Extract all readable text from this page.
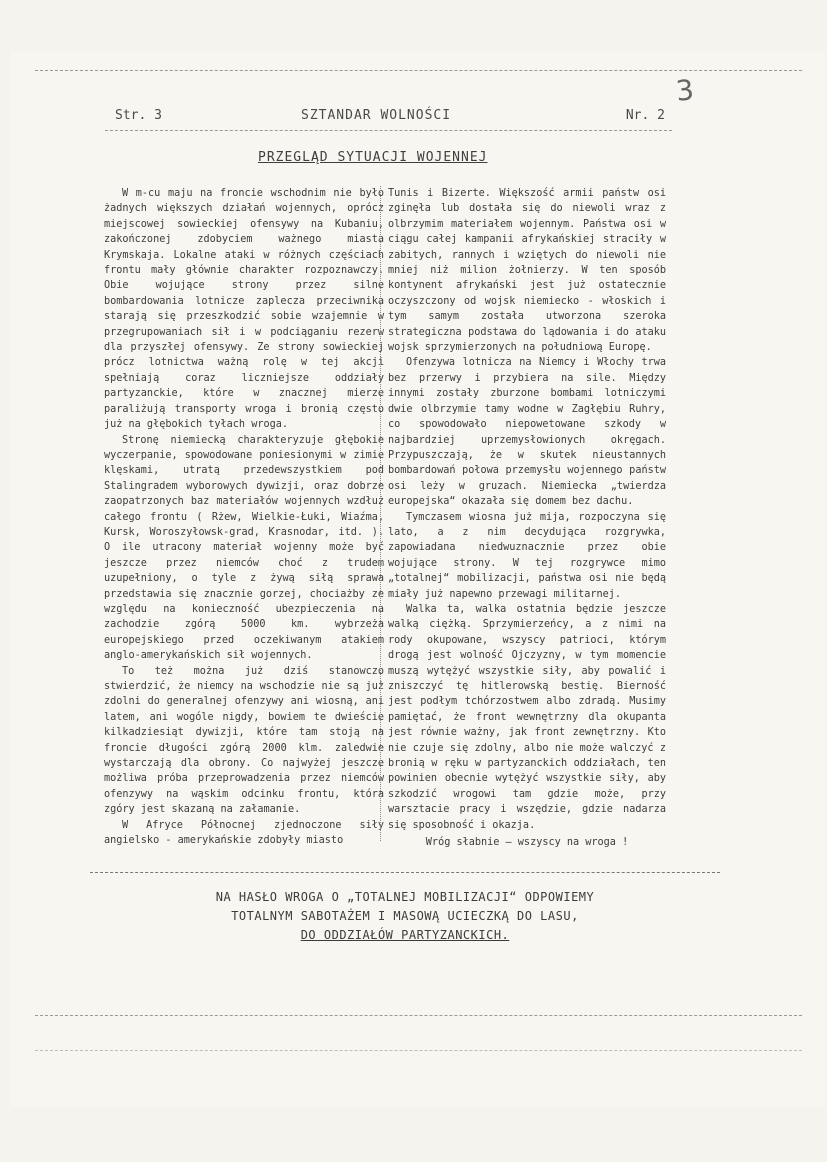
3
Str. 3	SZTANDAR WOLNOŚCI	Nr. 2
PRZEGLĄD SYTUACJI WOJENNEJ

W m-cu maju na froncie wschodnim nie było żadnych większych działań wojennych, oprócz miejscowej sowieckiej ofensywy na Kubaniu, zakończonej zdobyciem ważnego miasta Krymskaja. Lokalne ataki w różnych częściach frontu mały głównie charakter rozpoznawczy. Obie wojujące strony przez silne bombardowania lotnicze zaplecza przeciwnika starają się przeszkodzić sobie wzajemnie w przegrupowaniach sił i w podciąganiu rezerw dla przyszłej ofensywy. Ze strony sowieckiej prócz lotnictwa ważną rolę w tej akcji spełniają coraz liczniejsze oddziały partyzanckie, które w znacznej mierze paraliżują transporty wroga i bronią często już na głębokich tyłach wroga.

Stronę niemiecką charakteryzuje głębokie wyczerpanie, spowodowane poniesionymi w zimie klęskami, utratą przedewszystkiem pod Stalingradem wyborowych dywizji, oraz dobrze zaopatrzonych baz materiałów wojennych wzdłuż całego frontu ( Rżew, Wielkie-Łuki, Wiaźma, Kursk, Woroszyłowsk-grad, Krasnodar, itd. ). O ile utracony materiał wojenny może być jeszcze przez niemców choć z trudem uzupełniony, o tyle z żywą siłą sprawa przedstawia się znacznie gorzej, chociażby ze względu na konieczność ubezpieczenia na zachodzie zgórą 5000 km. wybrzeża europejskiego przed oczekiwanym atakiem anglo-amerykańskich sił wojennych.

To też można już dziś stanowczo stwierdzić, że niemcy na wschodzie nie są już zdolni do generalnej ofenzywy ani wiosną, ani latem, ani wogóle nigdy, bowiem te dwieście kilkadziesiąt dywizji, które tam stoją na froncie długości zgórą 2000 klm. zaledwie wystarczają dla obrony. Co najwyżej jeszcze możliwa próba przeprowadzenia przez niemców ofenzywy na wąskim odcinku frontu, która zgóry jest skazaną na załamanie.

W Afryce Północnej zjednoczone siły angielsko - amerykańskie zdobyły miasto

Tunis i Bizerte. Większość armii państw osi zginęła lub dostała się do niewoli wraz z olbrzymim materiałem wojennym. Państwa osi w ciągu całej kampanii afrykańskiej straciły w zabitych, rannych i wziętych do niewoli nie mniej niż milion żołnierzy. W ten sposób kontynent afrykański jest już ostatecznie oczyszczony od wojsk niemiecko - włoskich i tym samym została utworzona szeroka strategiczna podstawa do lądowania i do ataku wojsk sprzymierzonych na południową Europę.

Ofenzywa lotnicza na Niemcy i Włochy trwa bez przerwy i przybiera na sile. Między innymi zostały zburzone bombami lotniczymi dwie olbrzymie tamy wodne w Zagłębiu Ruhry, co spowodowało niepowetowane szkody w najbardziej uprzemysłowionych okręgach. Przypuszczają, że w skutek nieustannych bombardowań połowa przemysłu wojennego państw osi leży w gruzach. Niemiecka „twierdza europejska“ okazała się domem bez dachu.

Tymczasem wiosna już mija, rozpoczyna się lato, a z nim decydująca rozgrywka, zapowiadana niedwuznacznie przez obie wojujące strony. W tej rozgrywce mimo „totalnej“ mobilizacji, państwa osi nie będą miały już napewno przewagi militarnej.

Walka ta, walka ostatnia będzie jeszcze walką ciężką. Sprzymierzeńcy, a z nimi na rody okupowane, wszyscy patrioci, którym drogą jest wolność Ojczyzny, w tym momencie muszą wytężyć wszystkie siły, aby powalić i zniszczyć tę hitlerowską bestię. Bierność jest podłym tchórzostwem albo zdradą. Musimy pamiętać, że front wewnętrzny dla okupanta jest równie ważny, jak front zewnętrzny. Kto nie czuje się zdolny, albo nie może walczyć z bronią w ręku w partyzanckich oddziałach, ten powinien obecnie wytężyć wszystkie siły, aby szkodzić wrogowi tam gdzie może, przy warsztacie pracy i wszędzie, gdzie nadarza się sposobność i okazja.

Wróg słabnie — wszyscy na wroga !

NA HASŁO WROGA O „TOTALNEJ MOBILIZACJI“ ODPOWIEMY
TOTALNYM SABOTAŻEM I MASOWĄ UCIECZKĄ DO LASU,
DO ODDZIAŁÓW PARTYZANCKICH.
